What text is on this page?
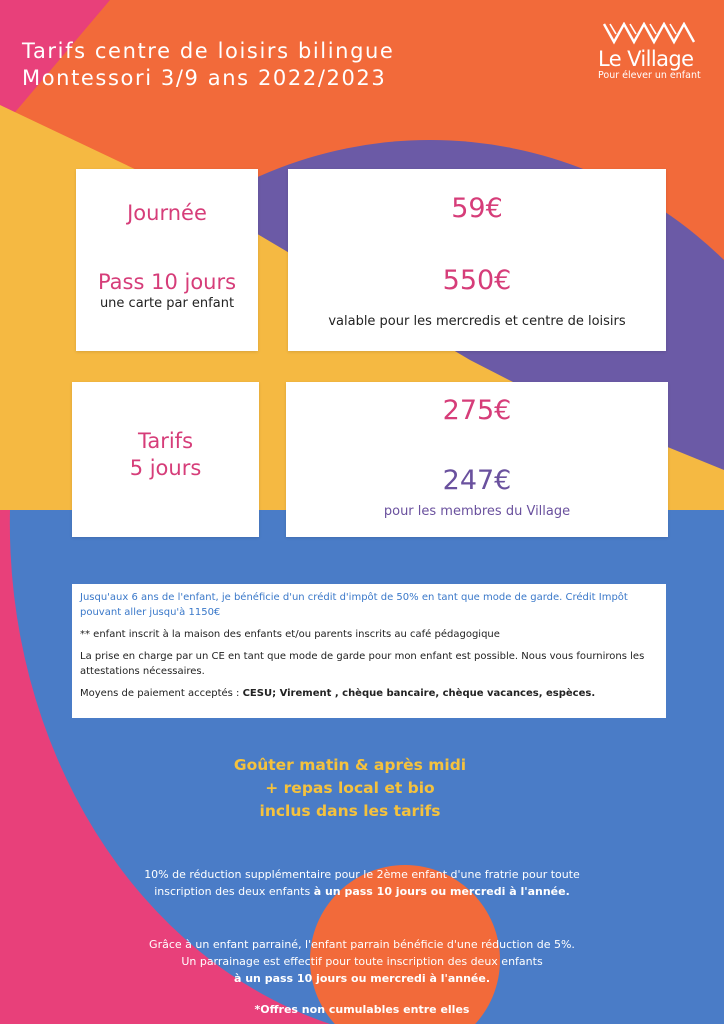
Tarifs centre de loisirs bilingue
Montessori 3/9 ans 2022/2023
Le Village
Pour élever un enfant
Journée
Pass 10 jours
une carte par enfant
59€
550€
valable pour les mercredis et centre de loisirs
Tarifs
5 jours
275€
247€
pour les membres du Village

Jusqu'aux 6 ans de l'enfant, je bénéficie d'un crédit d'impôt de 50% en tant que mode de garde. Crédit Impôt
pouvant aller jusqu'à 1150€

** enfant inscrit à la maison des enfants et/ou parents inscrits au café pédagogique

La prise en charge par un CE en tant que mode de garde pour mon enfant est possible. Nous vous fournirons les
attestations nécessaires.

Moyens de paiement acceptés : CESU; Virement , chèque bancaire, chèque vacances, espèces.

Goûter matin & après midi
+ repas local et bio
inclus dans les tarifs
10% de réduction supplémentaire pour le 2ème enfant d'une fratrie pour toute
inscription des deux enfants à un pass 10 jours ou mercredi à l'année.
Grâce à un enfant parrainé, l'enfant parrain bénéficie d'une réduction de 5%.
Un parrainage est effectif pour toute inscription des deux enfants
à un pass 10 jours ou mercredi à l'année.
*Offres non cumulables entre elles
